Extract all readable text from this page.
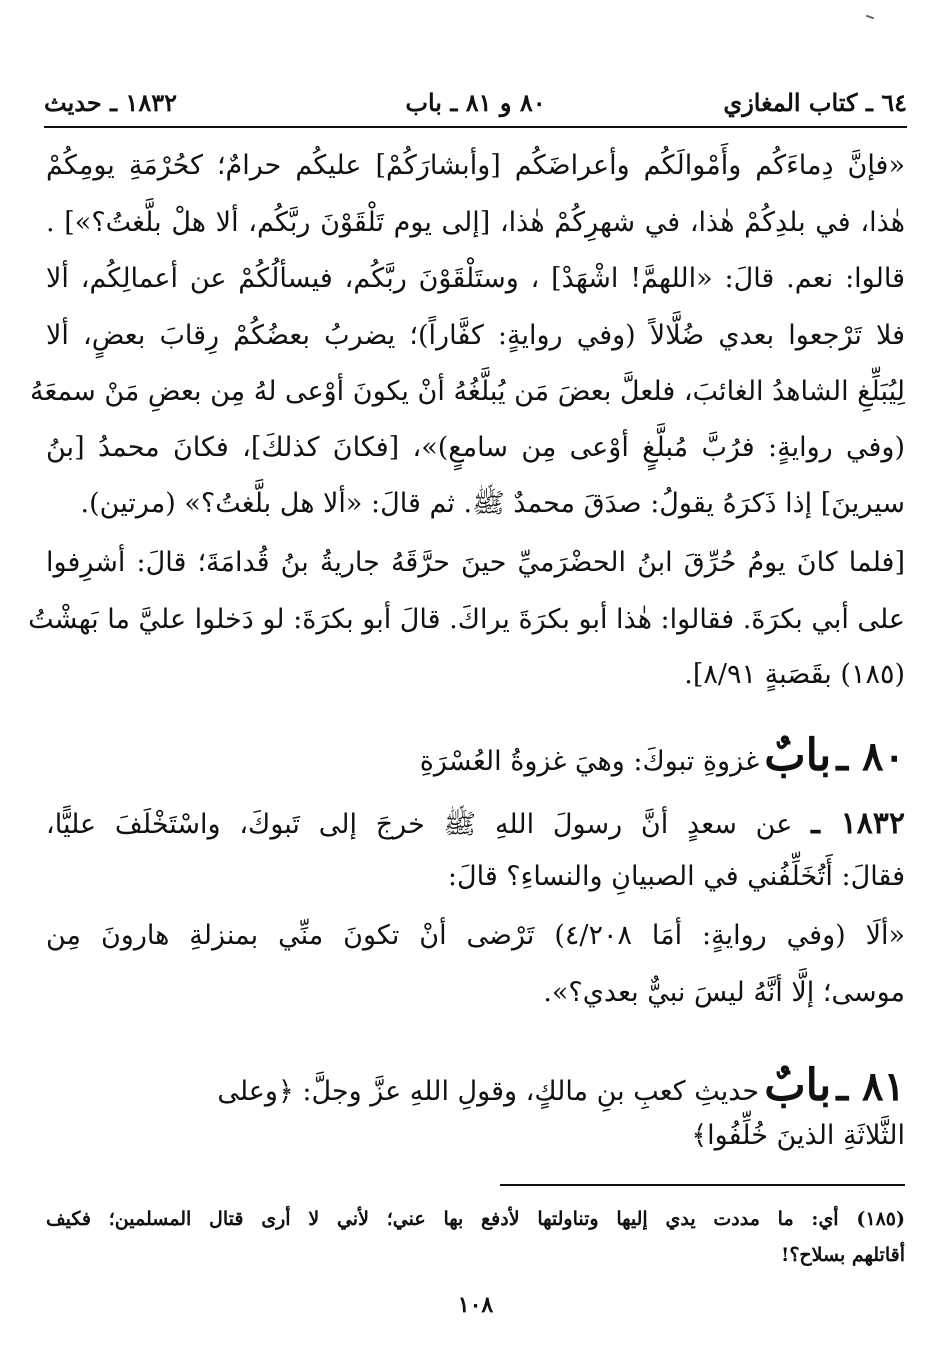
٦٤ ـ كتاب المغازي
٨٠ و ٨١ ـ باب
١٨٣٢ ـ حديث
«فإنَّ دِماءَكُم وأَمْوالَكُم وأعراضَكُم [وأبشارَكُمْ] عليكُم حرامٌ؛ كحُرْمَةِ يومِكُمْ
هٰذا، في بلدِكُمْ هٰذا، في شهرِكُمْ هٰذا، [إلى يوم تَلْقَوْنَ ربَّكُم، ألا هلْ بلَّغتُ؟»] .
قالوا: نعم. قالَ: «اللهمَّ! اشْهَدْ] ، وستَلْقَوْنَ ربَّكُم، فيسألُكُمْ عن أعمالِكُم، ألا
فلا تَرْجعوا بعدي ضُلَّالاً (وفي روايةٍ: كفَّاراً)؛ يضربُ بعضُكُمْ رِقابَ بعضٍ، ألا
لِيُبَلِّغِ الشاهدُ الغائبَ، فلعلَّ بعضَ مَن يُبلَّغُهُ أنْ يكونَ أوْعى لهُ مِن بعضِ مَنْ سمعَهُ
(وفي روايةٍ: فرُبَّ مُبلَّغٍ أوْعى مِن سامعٍ)»، [فكانَ كذلكَ]، فكانَ محمدُ [بنُ
سيرينَ] إذا ذَكرَهُ يقولُ: صدَقَ محمدٌ ﷺ. ثم قالَ: «ألا هل بلَّغتُ؟» (مرتين).
[فلما كانَ يومُ حُرِّقَ ابنُ الحضْرَميِّ حينَ حرَّقَهُ جاريةُ بنُ قُدامَةَ؛ قالَ: أشرِفوا
على أبي بكرَةَ. فقالوا: هٰذا أبو بكرَةَ يراكَ. قالَ أبو بكرَةَ: لو دَخلوا عليَّ ما بَهشْتُ
(١٨٥) بقَصَبةٍ ٨/٩١].
٨٠ ـ بابٌ غزوةِ تبوكَ: وهيَ غزوةُ العُسْرَةِ
١٨٣٢ ـ عن سعدٍ أنَّ رسولَ اللهِ ﷺ خرجَ إلى تَبوكَ، واسْتَخْلَفَ عليًّا،
فقالَ: أَتُخَلِّفُني في الصبيانِ والنساءِ؟ قالَ:
«ألَا (وفي روايةٍ: أمَا ٤/٢٠٨) تَرْضى أنْ تكونَ منِّي بمنزلةِ هارونَ مِن
موسى؛ إلَّا أنَّهُ ليسَ نبيٌّ بعدي؟».
٨١ ـ بابٌ حديثِ كعبِ بنِ مالكٍ، وقولِ اللهِ عزَّ وجلَّ: ﴿وعلى
الثَّلاثَةِ الذينَ خُلِّفُوا﴾
(١٨٥) أي: ما مددت يدي إليها وتناولتها لأدفع بها عني؛ لأني لا أرى قتال المسلمين؛ فكيف
أقاتلهم بسلاح؟!
١٠٨
